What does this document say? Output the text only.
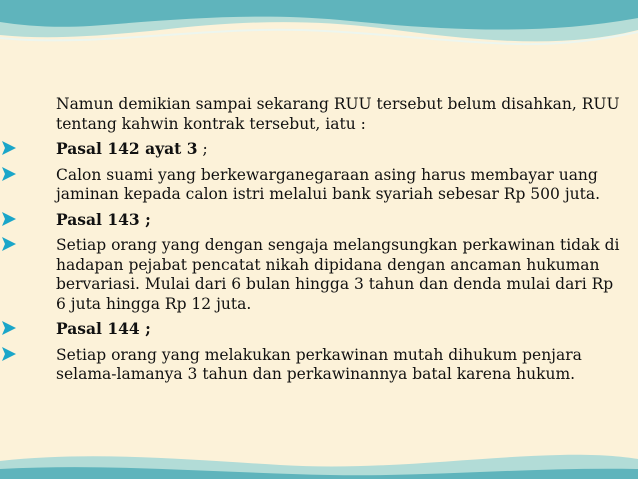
Namun demikian sampai sekarang RUU tersebut belum disahkan, RUU tentang kahwin kontrak tersebut, iatu :
Pasal 142 ayat 3 ;
Calon suami yang berkewarganegaraan asing harus membayar uang jaminan kepada calon istri melalui bank syariah sebesar Rp 500 juta.
Pasal 143 ;
Setiap orang yang dengan sengaja melangsungkan perkawinan tidak di hadapan pejabat pencatat nikah dipidana dengan ancaman hukuman bervariasi. Mulai dari 6 bulan hingga 3 tahun dan denda mulai dari Rp 6 juta hingga Rp 12 juta.
Pasal 144 ;
Setiap orang yang melakukan perkawinan mutah dihukum penjara selama-lamanya 3 tahun dan perkawinannya batal karena hukum.
